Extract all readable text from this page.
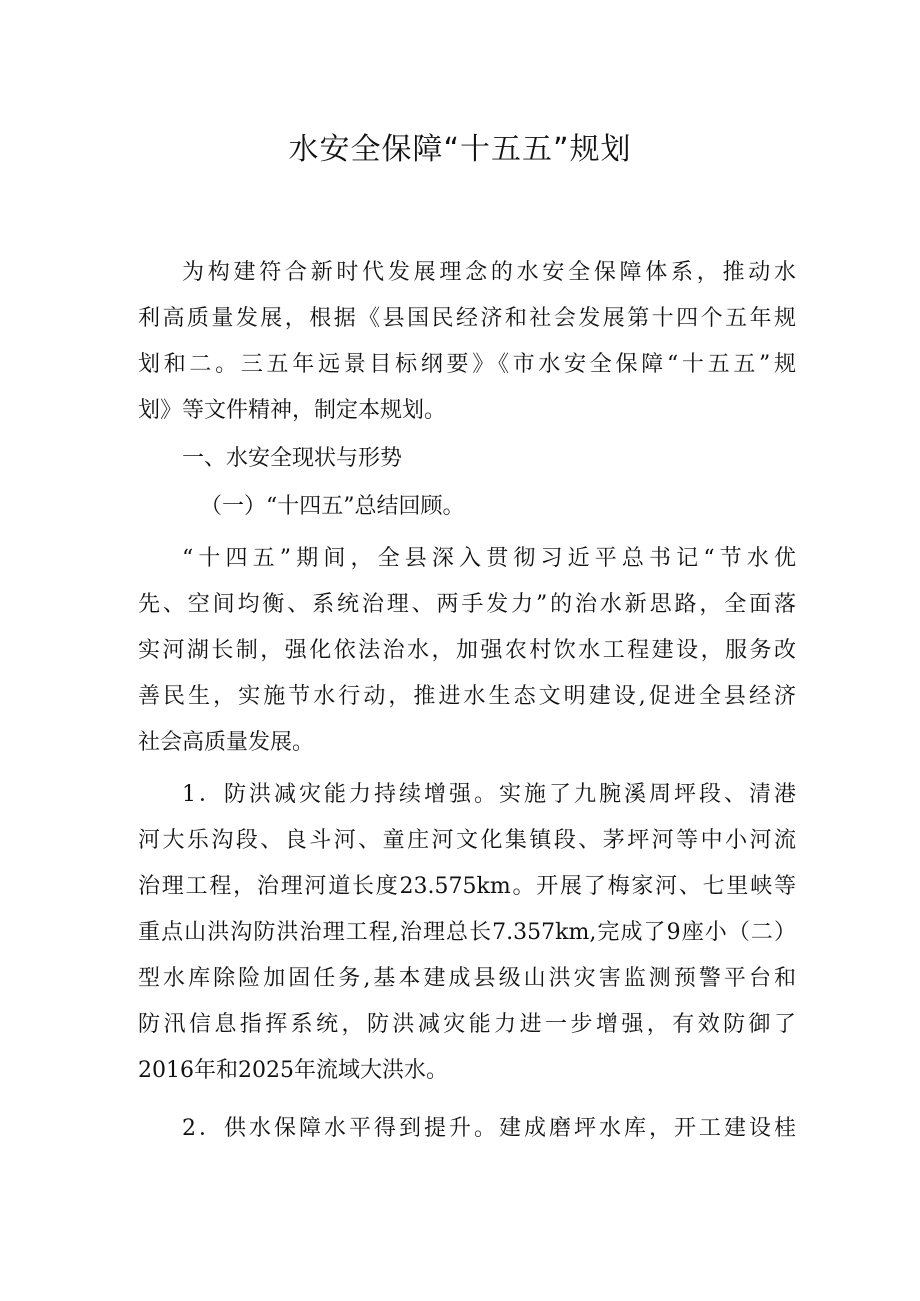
水安全保障“十五五”规划

为构建符合新时代发展理念的水安全保障体系，推动水
利高质量发展，根据《县国民经济和社会发展第十四个五年规
划和二。三五年远景目标纲要》《市水安全保障“十五五”规
划》等文件精神，制定本规划。

一、水安全现状与形势

（一）“十四五”总结回顾。

“十四五”期间，全县深入贯彻习近平总书记“节水优
先、空间均衡、系统治理、两手发力”的治水新思路，全面落
实河湖长制，强化依法治水，加强农村饮水工程建设，服务改
善民生，实施节水行动，推进水生态文明建设,促进全县经济
社会高质量发展。

1．防洪减灾能力持续增强。实施了九腕溪周坪段、清港
河大乐沟段、良斗河、童庄河文化集镇段、茅坪河等中小河流
治理工程，治理河道长度23.575km。开展了梅家河、七里峡等
重点山洪沟防洪治理工程,治理总长7.357km,完成了9座小（二）
型水库除险加固任务,基本建成县级山洪灾害监测预警平台和
防汛信息指挥系统，防洪减灾能力进一步增强，有效防御了
2016年和2025年流域大洪水。

2．供水保障水平得到提升。建成磨坪水库，开工建设桂
